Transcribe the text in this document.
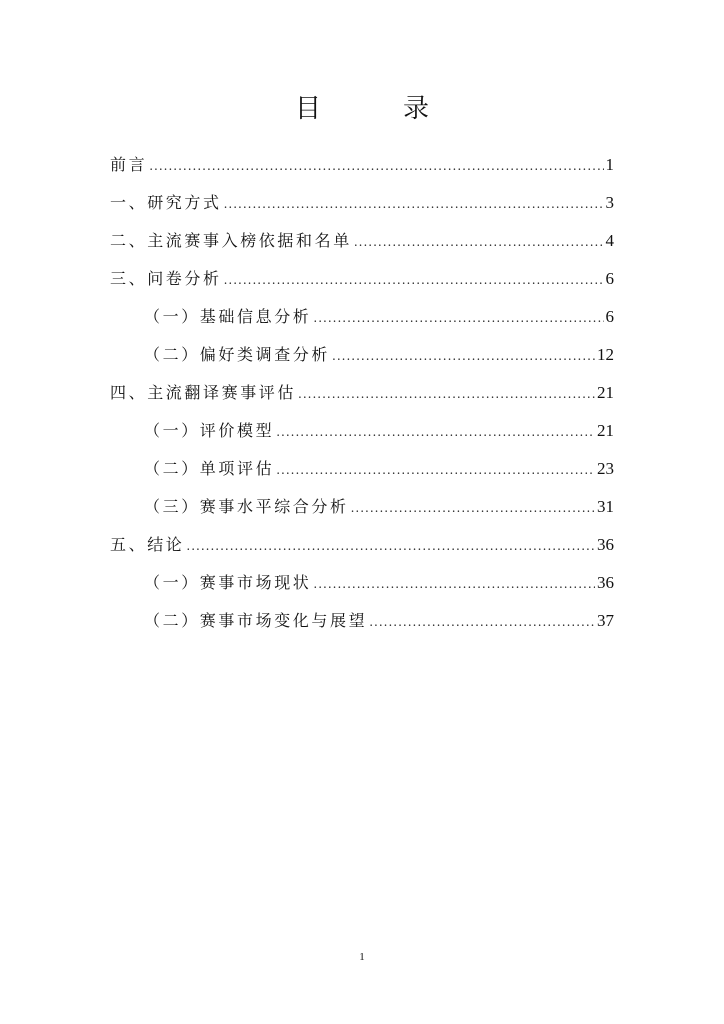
目　录
前言 .....	1
一、研究方式 .....	3
二、主流赛事入榜依据和名单 .....	4
三、问卷分析 .....	6
（一）基础信息分析 .....	6
（二）偏好类调查分析 .....	12
四、主流翻译赛事评估 .....	21
（一）评价模型 .....	21
（二）单项评估 .....	23
（三）赛事水平综合分析 .....	31
五、结论 .....	36
（一）赛事市场现状 .....	36
（二）赛事市场变化与展望 .....	37
1
